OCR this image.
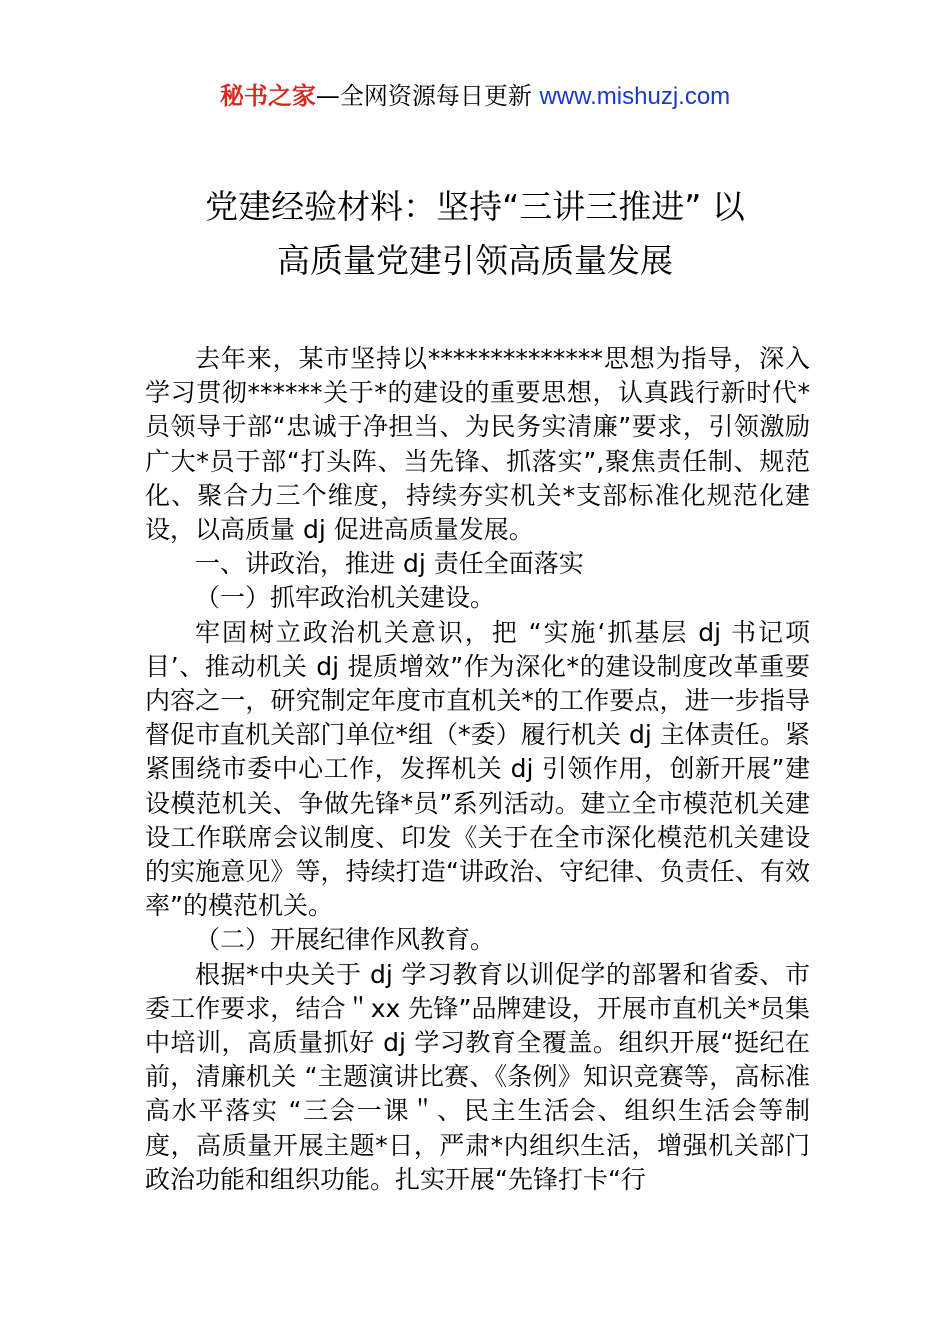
秘书之家—全网资源每日更新 www.mishuzj.com
党建经验材料：坚持“三讲三推进” 以
高质量党建引领高质量发展

去年来，某市坚持以**************思想为指导，深入学习贯彻******关于*的建设的重要思想，认真践行新时代*员领导于部“忠诚于净担当、为民务实清廉”要求，引领激励广大*员于部“打头阵、当先锋、抓落实”,聚焦责任制、规范化、聚合力三个维度，持续夯实机关*支部标准化规范化建设，以高质量 dj 促进高质量发展。

一、讲政治，推进 dj 责任全面落实

（一）抓牢政治机关建设。

牢固树立政治机关意识，把 “实施‘抓基层 dj 书记项目’、推动机关 dj 提质增效”作为深化*的建设制度改革重要内容之一，研究制定年度市直机关*的工作要点，进一步指导督促市直机关部门单位*组（*委）履行机关 dj 主体责任。紧紧围绕市委中心工作，发挥机关 dj 引领作用，创新开展”建设模范机关、争做先锋*员”系列活动。建立全市模范机关建设工作联席会议制度、印发《关于在全市深化模范机关建设的实施意见》等，持续打造“讲政治、守纪律、负责任、有效率”的模范机关。

（二）开展纪律作风教育。

根据*中央关于 dj 学习教育以训促学的部署和省委、市委工作要求，结合＂xx 先锋”品牌建设，开展市直机关*员集中培训，高质量抓好 dj 学习教育全覆盖。组织开展“挺纪在前，清廉机关 “主题演讲比赛、《条例》知识竞赛等，高标准高水平落实 “三会一课＂、民主生活会、组织生活会等制度，高质量开展主题*日，严肃*内组织生活，增强机关部门政治功能和组织功能。扎实开展“先锋打卡“行
